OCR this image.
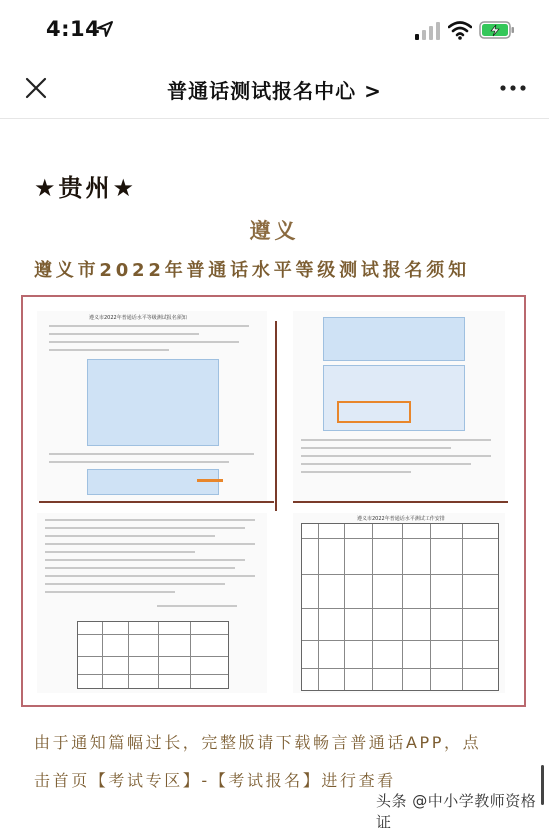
4:14
普通话测试报名中心 >
★贵州★
遵义
遵义市2022年普通话水平等级测试报名须知
遵义市2022年普通话水平等级测试报名须知
遵义市2022年普通话水平测试工作安排
由于通知篇幅过长，完整版请下载畅言普通话APP，点
击首页【考试专区】-【考试报名】进行查看
头条 @中小学教师资格证
